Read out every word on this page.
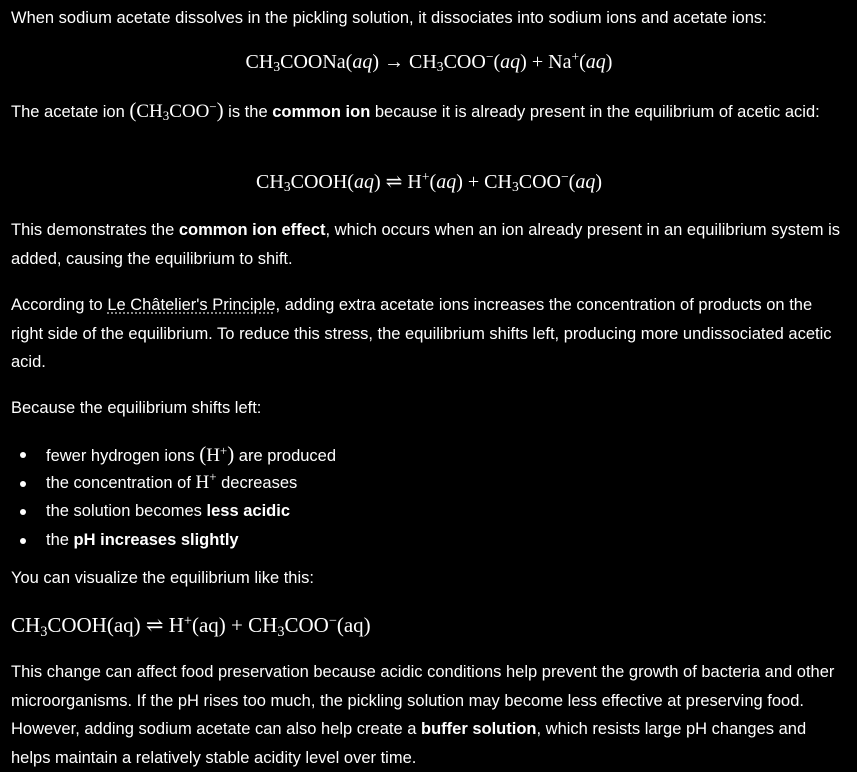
When sodium acetate dissolves in the pickling solution, it dissociates into sodium ions and acetate ions:
$CH_3COONa(aq) \to CH_3COO^-(aq) + Na^+(aq)$
The acetate ion $(CH_3COO^-)$ is the common ion because it is already present in the equilibrium of acetic acid:
$CH_3COOH(aq)$ ⇌ $H^+(aq) + CH_3COO^-(aq)$
This demonstrates the common ion effect, which occurs when an ion already present in an equilibrium system is added, causing the equilibrium to shift.
According to Le Châtelier's Principle, adding extra acetate ions increases the concentration of products on the right side of the equilibrium. To reduce this stress, the equilibrium shifts left, producing more undissociated acetic acid.
Because the equilibrium shifts left:
fewer hydrogen ions (H+) are produced
the concentration of H+ decreases
the solution becomes less acidic
the pH increases slightly
You can visualize the equilibrium like this:
$CH_3COOH(aq)$ ⇌ $H^+(aq) + CH_3COO^-(aq)$
This change can affect food preservation because acidic conditions help prevent the growth of bacteria and other microorganisms. If the pH rises too much, the pickling solution may become less effective at preserving food. However, adding sodium acetate can also help create a buffer solution, which resists large pH changes and helps maintain a relatively stable acidity level over time.
